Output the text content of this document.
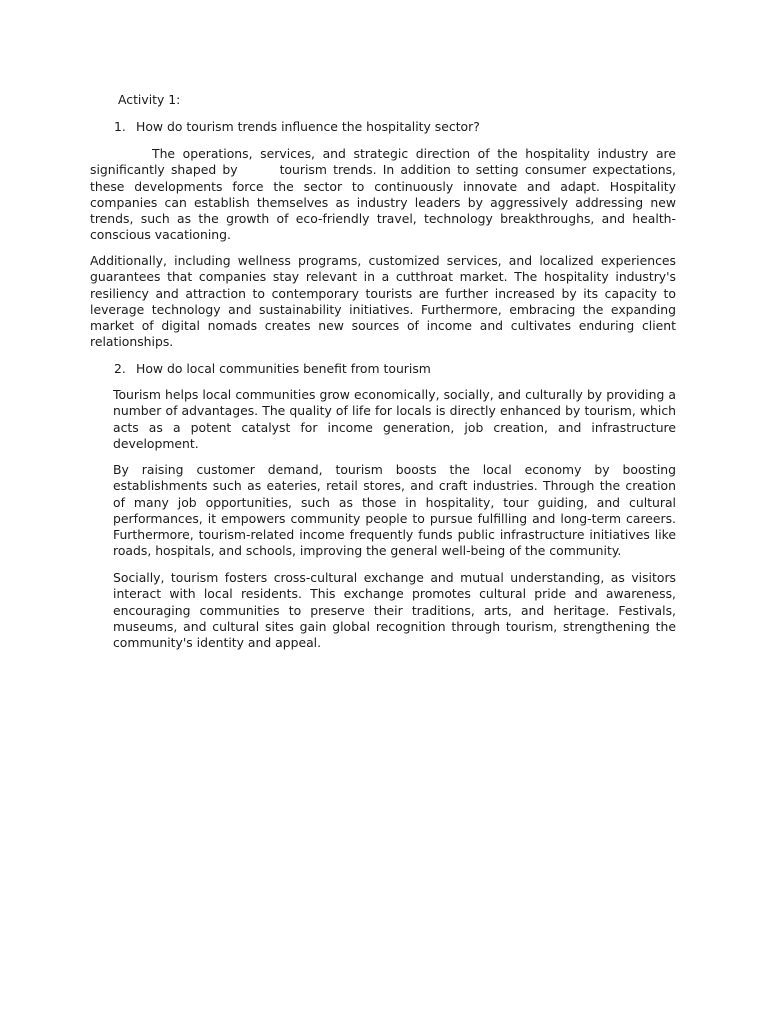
Activity 1:

1. How do tourism trends influence the hospitality sector?

The operations, services, and strategic direction of the hospitality industry are significantly shaped by	tourism trends. In addition to setting consumer expectations, these developments force the sector to continuously innovate and adapt. Hospitality companies can establish themselves as industry leaders by aggressively addressing new trends, such as the growth of eco-friendly travel, technology breakthroughs, and health-conscious vacationing.

Additionally, including wellness programs, customized services, and localized experiences guarantees that companies stay relevant in a cutthroat market. The hospitality industry's resiliency and attraction to contemporary tourists are further increased by its capacity to leverage technology and sustainability initiatives. Furthermore, embracing the expanding market of digital nomads creates new sources of income and cultivates enduring client relationships.

2. How do local communities benefit from tourism

Tourism helps local communities grow economically, socially, and culturally by providing a number of advantages. The quality of life for locals is directly enhanced by tourism, which acts as a potent catalyst for income generation, job creation, and infrastructure development.

By raising customer demand, tourism boosts the local economy by boosting establishments such as eateries, retail stores, and craft industries. Through the creation of many job opportunities, such as those in hospitality, tour guiding, and cultural performances, it empowers community people to pursue fulfilling and long-term careers. Furthermore, tourism-related income frequently funds public infrastructure initiatives like roads, hospitals, and schools, improving the general well-being of the community.

Socially, tourism fosters cross-cultural exchange and mutual understanding, as visitors interact with local residents. This exchange promotes cultural pride and awareness, encouraging communities to preserve their traditions, arts, and heritage. Festivals, museums, and cultural sites gain global recognition through tourism, strengthening the community's identity and appeal.
